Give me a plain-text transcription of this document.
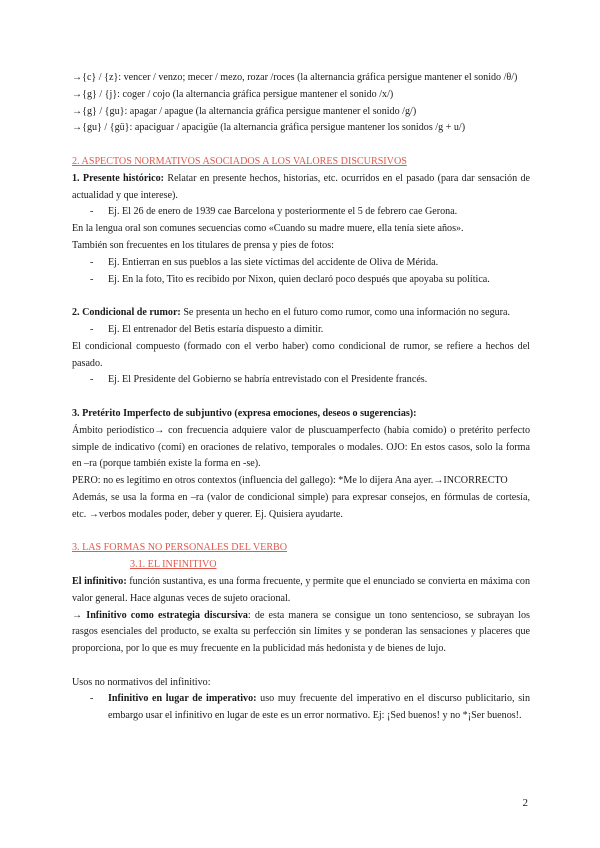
→{c} / {z}: vencer / venzo; mecer / mezo, rozar /roces (la alternancia gráfica persigue mantener el sonido /θ/)

→{g} / {j}: coger / cojo (la alternancia gráfica persigue mantener el sonido /x/)

→{g} / {gu}: apagar / apague (la alternancia gráfica persigue mantener el sonido /g/)

→{gu} / {gü}: apaciguar / apacigüe (la alternancia gráfica persigue mantener los sonidos /g + u/)

2. ASPECTOS NORMATIVOS ASOCIADOS A LOS VALORES DISCURSIVOS

1. Presente histórico: Relatar en presente hechos, historias, etc. ocurridos en el pasado (para dar sensación de actualidad y que interese).

-	Ej. El 26 de enero de 1939 cae Barcelona y posteriormente el 5 de febrero cae Gerona.

En la lengua oral son comunes secuencias como «Cuando su madre muere, ella tenía siete años».

También son frecuentes en los titulares de prensa y pies de fotos:

-	Ej. Entierran en sus pueblos a las siete víctimas del accidente de Oliva de Mérida.
-	Ej. En la foto, Tito es recibido por Nixon, quien declaró poco después que apoyaba su política.

2. Condicional de rumor: Se presenta un hecho en el futuro como rumor, como una información no segura.

-	Ej. El entrenador del Betis estaría dispuesto a dimitir.

El condicional compuesto (formado con el verbo haber) como condicional de rumor, se refiere a hechos del pasado.

-	Ej. El Presidente del Gobierno se habría entrevistado con el Presidente francés.

3. Pretérito Imperfecto de subjuntivo (expresa emociones, deseos o sugerencias):

Ámbito periodístico→ con frecuencia adquiere valor de pluscuamperfecto (había comido) o pretérito perfecto simple de indicativo (comí) en oraciones de relativo, temporales o modales. OJO: En estos casos, solo la forma en –ra (porque también existe la forma en -se).

PERO: no es legítimo en otros contextos (influencia del gallego): *Me lo dijera Ana ayer.→INCORRECTO

Además, se usa la forma en –ra (valor de condicional simple) para expresar consejos, en fórmulas de cortesía, etc. →verbos modales poder, deber y querer. Ej. Quisiera ayudarte.

3. LAS FORMAS NO PERSONALES DEL VERBO

3.1. EL INFINITIVO

El infinitivo: función sustantiva, es una forma frecuente, y permite que el enunciado se convierta en máxima con valor general. Hace algunas veces de sujeto oracional.

→ Infinitivo como estrategia discursiva: de esta manera se consigue un tono sentencioso, se subrayan los rasgos esenciales del producto, se exalta su perfección sin límites y se ponderan las sensaciones y placeres que proporciona, por lo que es muy frecuente en la publicidad más hedonista y de bienes de lujo.

Usos no normativos del infinitivo:

-	Infinitivo en lugar de imperativo: uso muy frecuente del imperativo en el discurso publicitario, sin embargo usar el infinitivo en lugar de este es un error normativo. Ej: ¡Sed buenos! y no *¡Ser buenos!.
2
